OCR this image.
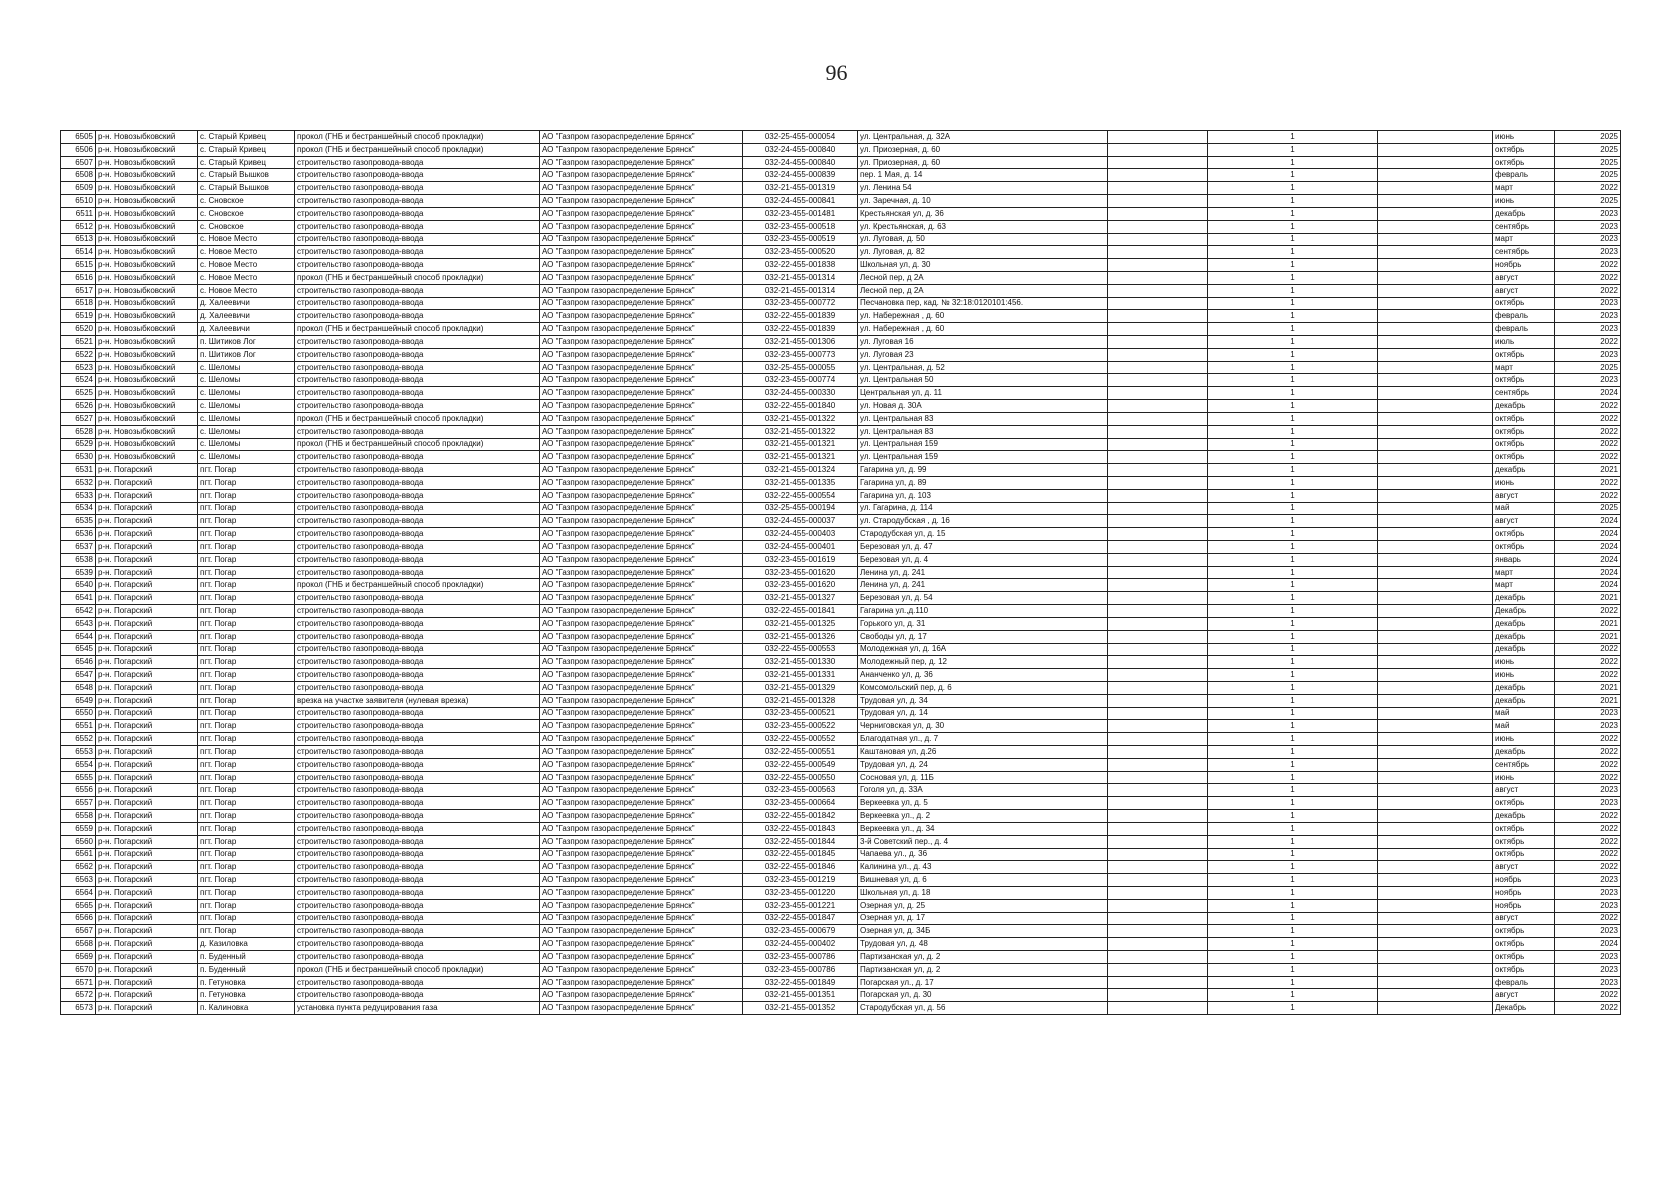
96
6505	р-н. Новозыбковский	с. Старый Кривец	прокол (ГНБ и бестраншейный способ прокладки)	АО "Газпром газораспределение Брянск"	032-25-455-000054	ул. Центральная, д. 32А		1		июнь	2025
6506	р-н. Новозыбковский	с. Старый Кривец	прокол (ГНБ и бестраншейный способ прокладки)	АО "Газпром газораспределение Брянск"	032-24-455-000840	ул. Приозерная, д. 60		1		октябрь	2025
6507	р-н. Новозыбковский	с. Старый Кривец	строительство газопровода-ввода	АО "Газпром газораспределение Брянск"	032-24-455-000840	ул. Приозерная, д. 60		1		октябрь	2025
6508	р-н. Новозыбковский	с. Старый Вышков	строительство газопровода-ввода	АО "Газпром газораспределение Брянск"	032-24-455-000839	пер. 1 Мая, д. 14		1		февраль	2025
6509	р-н. Новозыбковский	с. Старый Вышков	строительство газопровода-ввода	АО "Газпром газораспределение Брянск"	032-21-455-001319	ул. Ленина 54		1		март	2022
6510	р-н. Новозыбковский	с. Сновское	строительство газопровода-ввода	АО "Газпром газораспределение Брянск"	032-24-455-000841	ул. Заречная, д. 10		1		июнь	2025
6511	р-н. Новозыбковский	с. Сновское	строительство газопровода-ввода	АО "Газпром газораспределение Брянск"	032-23-455-001481	Крестьянская ул, д. 36		1		декабрь	2023
6512	р-н. Новозыбковский	с. Сновское	строительство газопровода-ввода	АО "Газпром газораспределение Брянск"	032-23-455-000518	ул. Крестьянская, д. 63		1		сентябрь	2023
6513	р-н. Новозыбковский	с. Новое Место	строительство газопровода-ввода	АО "Газпром газораспределение Брянск"	032-23-455-000519	ул. Луговая, д. 50		1		март	2023
6514	р-н. Новозыбковский	с. Новое Место	строительство газопровода-ввода	АО "Газпром газораспределение Брянск"	032-23-455-000520	ул. Луговая, д. 82		1		сентябрь	2023
6515	р-н. Новозыбковский	с. Новое Место	строительство газопровода-ввода	АО "Газпром газораспределение Брянск"	032-22-455-001838	Школьная ул, д. 30		1		ноябрь	2022
6516	р-н. Новозыбковский	с. Новое Место	прокол (ГНБ и бестраншейный способ прокладки)	АО "Газпром газораспределение Брянск"	032-21-455-001314	Лесной пер, д 2А		1		август	2022
6517	р-н. Новозыбковский	с. Новое Место	строительство газопровода-ввода	АО "Газпром газораспределение Брянск"	032-21-455-001314	Лесной пер, д 2А		1		август	2022
6518	р-н. Новозыбковский	д. Халеевичи	строительство газопровода-ввода	АО "Газпром газораспределение Брянск"	032-23-455-000772	Песчановка пер, кад. № 32:18:0120101:456.		1		октябрь	2023
6519	р-н. Новозыбковский	д. Халеевичи	строительство газопровода-ввода	АО "Газпром газораспределение Брянск"	032-22-455-001839	ул. Набережная , д. 60		1		февраль	2023
6520	р-н. Новозыбковский	д. Халеевичи	прокол (ГНБ и бестраншейный способ прокладки)	АО "Газпром газораспределение Брянск"	032-22-455-001839	ул. Набережная , д. 60		1		февраль	2023
6521	р-н. Новозыбковский	п. Шитиков Лог	строительство газопровода-ввода	АО "Газпром газораспределение Брянск"	032-21-455-001306	ул. Луговая 16		1		июль	2022
6522	р-н. Новозыбковский	п. Шитиков Лог	строительство газопровода-ввода	АО "Газпром газораспределение Брянск"	032-23-455-000773	ул. Луговая 23		1		октябрь	2023
6523	р-н. Новозыбковский	с. Шеломы	строительство газопровода-ввода	АО "Газпром газораспределение Брянск"	032-25-455-000055	ул. Центральная, д. 52		1		март	2025
6524	р-н. Новозыбковский	с. Шеломы	строительство газопровода-ввода	АО "Газпром газораспределение Брянск"	032-23-455-000774	ул. Центральная 50		1		октябрь	2023
6525	р-н. Новозыбковский	с. Шеломы	строительство газопровода-ввода	АО "Газпром газораспределение Брянск"	032-24-455-000330	Центральная ул, д. 11		1		сентябрь	2024
6526	р-н. Новозыбковский	с. Шеломы	строительство газопровода-ввода	АО "Газпром газораспределение Брянск"	032-22-455-001840	ул. Новая д. 30А		1		декабрь	2022
6527	р-н. Новозыбковский	с. Шеломы	прокол (ГНБ и бестраншейный способ прокладки)	АО "Газпром газораспределение Брянск"	032-21-455-001322	ул. Центральная 83		1		октябрь	2022
6528	р-н. Новозыбковский	с. Шеломы	строительство газопровода-ввода	АО "Газпром газораспределение Брянск"	032-21-455-001322	ул. Центральная 83		1		октябрь	2022
6529	р-н. Новозыбковский	с. Шеломы	прокол (ГНБ и бестраншейный способ прокладки)	АО "Газпром газораспределение Брянск"	032-21-455-001321	ул. Центральная 159		1		октябрь	2022
6530	р-н. Новозыбковский	с. Шеломы	строительство газопровода-ввода	АО "Газпром газораспределение Брянск"	032-21-455-001321	ул. Центральная 159		1		октябрь	2022
6531	р-н. Погарский	пгт. Погар	строительство газопровода-ввода	АО "Газпром газораспределение Брянск"	032-21-455-001324	Гагарина ул, д. 99		1		декабрь	2021
6532	р-н. Погарский	пгт. Погар	строительство газопровода-ввода	АО "Газпром газораспределение Брянск"	032-21-455-001335	Гагарина ул, д. 89		1		июнь	2022
6533	р-н. Погарский	пгт. Погар	строительство газопровода-ввода	АО "Газпром газораспределение Брянск"	032-22-455-000554	Гагарина ул, д. 103		1		август	2022
6534	р-н. Погарский	пгт. Погар	строительство газопровода-ввода	АО "Газпром газораспределение Брянск"	032-25-455-000194	ул. Гагарина, д. 114		1		май	2025
6535	р-н. Погарский	пгт. Погар	строительство газопровода-ввода	АО "Газпром газораспределение Брянск"	032-24-455-000037	ул. Стародубская , д. 16		1		август	2024
6536	р-н. Погарский	пгт. Погар	строительство газопровода-ввода	АО "Газпром газораспределение Брянск"	032-24-455-000403	Стародубская ул, д. 15		1		октябрь	2024
6537	р-н. Погарский	пгт. Погар	строительство газопровода-ввода	АО "Газпром газораспределение Брянск"	032-24-455-000401	Березовая ул, д. 47		1		октябрь	2024
6538	р-н. Погарский	пгт. Погар	строительство газопровода-ввода	АО "Газпром газораспределение Брянск"	032-23-455-001619	Березовая ул, д. 4		1		январь	2024
6539	р-н. Погарский	пгт. Погар	строительство газопровода-ввода	АО "Газпром газораспределение Брянск"	032-23-455-001620	Ленина ул, д. 241		1		март	2024
6540	р-н. Погарский	пгт. Погар	прокол (ГНБ и бестраншейный способ прокладки)	АО "Газпром газораспределение Брянск"	032-23-455-001620	Ленина ул, д. 241		1		март	2024
6541	р-н. Погарский	пгт. Погар	строительство газопровода-ввода	АО "Газпром газораспределение Брянск"	032-21-455-001327	Березовая ул, д. 54		1		декабрь	2021
6542	р-н. Погарский	пгт. Погар	строительство газопровода-ввода	АО "Газпром газораспределение Брянск"	032-22-455-001841	Гагарина ул.,д.110		1		Декабрь	2022
6543	р-н. Погарский	пгт. Погар	строительство газопровода-ввода	АО "Газпром газораспределение Брянск"	032-21-455-001325	Горького ул, д. 31		1		декабрь	2021
6544	р-н. Погарский	пгт. Погар	строительство газопровода-ввода	АО "Газпром газораспределение Брянск"	032-21-455-001326	Свободы ул, д. 17		1		декабрь	2021
6545	р-н. Погарский	пгт. Погар	строительство газопровода-ввода	АО "Газпром газораспределение Брянск"	032-22-455-000553	Молодежная ул, д. 16А		1		декабрь	2022
6546	р-н. Погарский	пгт. Погар	строительство газопровода-ввода	АО "Газпром газораспределение Брянск"	032-21-455-001330	Молодежный пер, д. 12		1		июнь	2022
6547	р-н. Погарский	пгт. Погар	строительство газопровода-ввода	АО "Газпром газораспределение Брянск"	032-21-455-001331	Ананченко ул, д. 36		1		июнь	2022
6548	р-н. Погарский	пгт. Погар	строительство газопровода-ввода	АО "Газпром газораспределение Брянск"	032-21-455-001329	Комсомольский пер, д. 6		1		декабрь	2021
6549	р-н. Погарский	пгт. Погар	врезка на участке заявителя (нулевая врезка)	АО "Газпром газораспределение Брянск"	032-21-455-001328	Трудовая ул, д. 34		1		декабрь	2021
6550	р-н. Погарский	пгт. Погар	строительство газопровода-ввода	АО "Газпром газораспределение Брянск"	032-23-455-000521	Трудовая ул, д. 14		1		май	2023
6551	р-н. Погарский	пгт. Погар	строительство газопровода-ввода	АО "Газпром газораспределение Брянск"	032-23-455-000522	Черниговская ул, д. 30		1		май	2023
6552	р-н. Погарский	пгт. Погар	строительство газопровода-ввода	АО "Газпром газораспределение Брянск"	032-22-455-000552	Благодатная ул., д. 7		1		июнь	2022
6553	р-н. Погарский	пгт. Погар	строительство газопровода-ввода	АО "Газпром газораспределение Брянск"	032-22-455-000551	Каштановая ул, д.26		1		декабрь	2022
6554	р-н. Погарский	пгт. Погар	строительство газопровода-ввода	АО "Газпром газораспределение Брянск"	032-22-455-000549	Трудовая ул, д. 24		1		сентябрь	2022
6555	р-н. Погарский	пгт. Погар	строительство газопровода-ввода	АО "Газпром газораспределение Брянск"	032-22-455-000550	Сосновая ул, д. 11Б		1		июнь	2022
6556	р-н. Погарский	пгт. Погар	строительство газопровода-ввода	АО "Газпром газораспределение Брянск"	032-23-455-000563	Гоголя ул, д. 33А		1		август	2023
6557	р-н. Погарский	пгт. Погар	строительство газопровода-ввода	АО "Газпром газораспределение Брянск"	032-23-455-000664	Веркеевка ул, д. 5		1		октябрь	2023
6558	р-н. Погарский	пгт. Погар	строительство газопровода-ввода	АО "Газпром газораспределение Брянск"	032-22-455-001842	Веркеевка ул., д. 2		1		декабрь	2022
6559	р-н. Погарский	пгт. Погар	строительство газопровода-ввода	АО "Газпром газораспределение Брянск"	032-22-455-001843	Веркеевка ул., д. 34		1		октябрь	2022
6560	р-н. Погарский	пгт. Погар	строительство газопровода-ввода	АО "Газпром газораспределение Брянск"	032-22-455-001844	3-й Советский пер., д. 4		1		октябрь	2022
6561	р-н. Погарский	пгт. Погар	строительство газопровода-ввода	АО "Газпром газораспределение Брянск"	032-22-455-001845	Чапаева ул., д. 36		1		октябрь	2022
6562	р-н. Погарский	пгт. Погар	строительство газопровода-ввода	АО "Газпром газораспределение Брянск"	032-22-455-001846	Калинина ул., д. 43		1		август	2022
6563	р-н. Погарский	пгт. Погар	строительство газопровода-ввода	АО "Газпром газораспределение Брянск"	032-23-455-001219	Вишневая ул, д. 6		1		ноябрь	2023
6564	р-н. Погарский	пгт. Погар	строительство газопровода-ввода	АО "Газпром газораспределение Брянск"	032-23-455-001220	Школьная ул, д. 18		1		ноябрь	2023
6565	р-н. Погарский	пгт. Погар	строительство газопровода-ввода	АО "Газпром газораспределение Брянск"	032-23-455-001221	Озерная ул, д. 25		1		ноябрь	2023
6566	р-н. Погарский	пгт. Погар	строительство газопровода-ввода	АО "Газпром газораспределение Брянск"	032-22-455-001847	Озерная ул, д. 17		1		август	2022
6567	р-н. Погарский	пгт. Погар	строительство газопровода-ввода	АО "Газпром газораспределение Брянск"	032-23-455-000679	Озерная ул, д. 34Б		1		октябрь	2023
6568	р-н. Погарский	д. Казиловка	строительство газопровода-ввода	АО "Газпром газораспределение Брянск"	032-24-455-000402	Трудовая ул, д. 48		1		октябрь	2024
6569	р-н. Погарский	п. Буденный	строительство газопровода-ввода	АО "Газпром газораспределение Брянск"	032-23-455-000786	Партизанская ул, д. 2		1		октябрь	2023
6570	р-н. Погарский	п. Буденный	прокол (ГНБ и бестраншейный способ прокладки)	АО "Газпром газораспределение Брянск"	032-23-455-000786	Партизанская ул, д. 2		1		октябрь	2023
6571	р-н. Погарский	п. Гетуновка	строительство газопровода-ввода	АО "Газпром газораспределение Брянск"	032-22-455-001849	Погарская ул., д. 17		1		февраль	2023
6572	р-н. Погарский	п. Гетуновка	строительство газопровода-ввода	АО "Газпром газораспределение Брянск"	032-21-455-001351	Погарская ул, д. 30		1		август	2022
6573	р-н. Погарский	п. Калиновка	установка пункта редуцирования газа	АО "Газпром газораспределение Брянск"	032-21-455-001352	Стародубская ул, д. 56		1		Декабрь	2022
